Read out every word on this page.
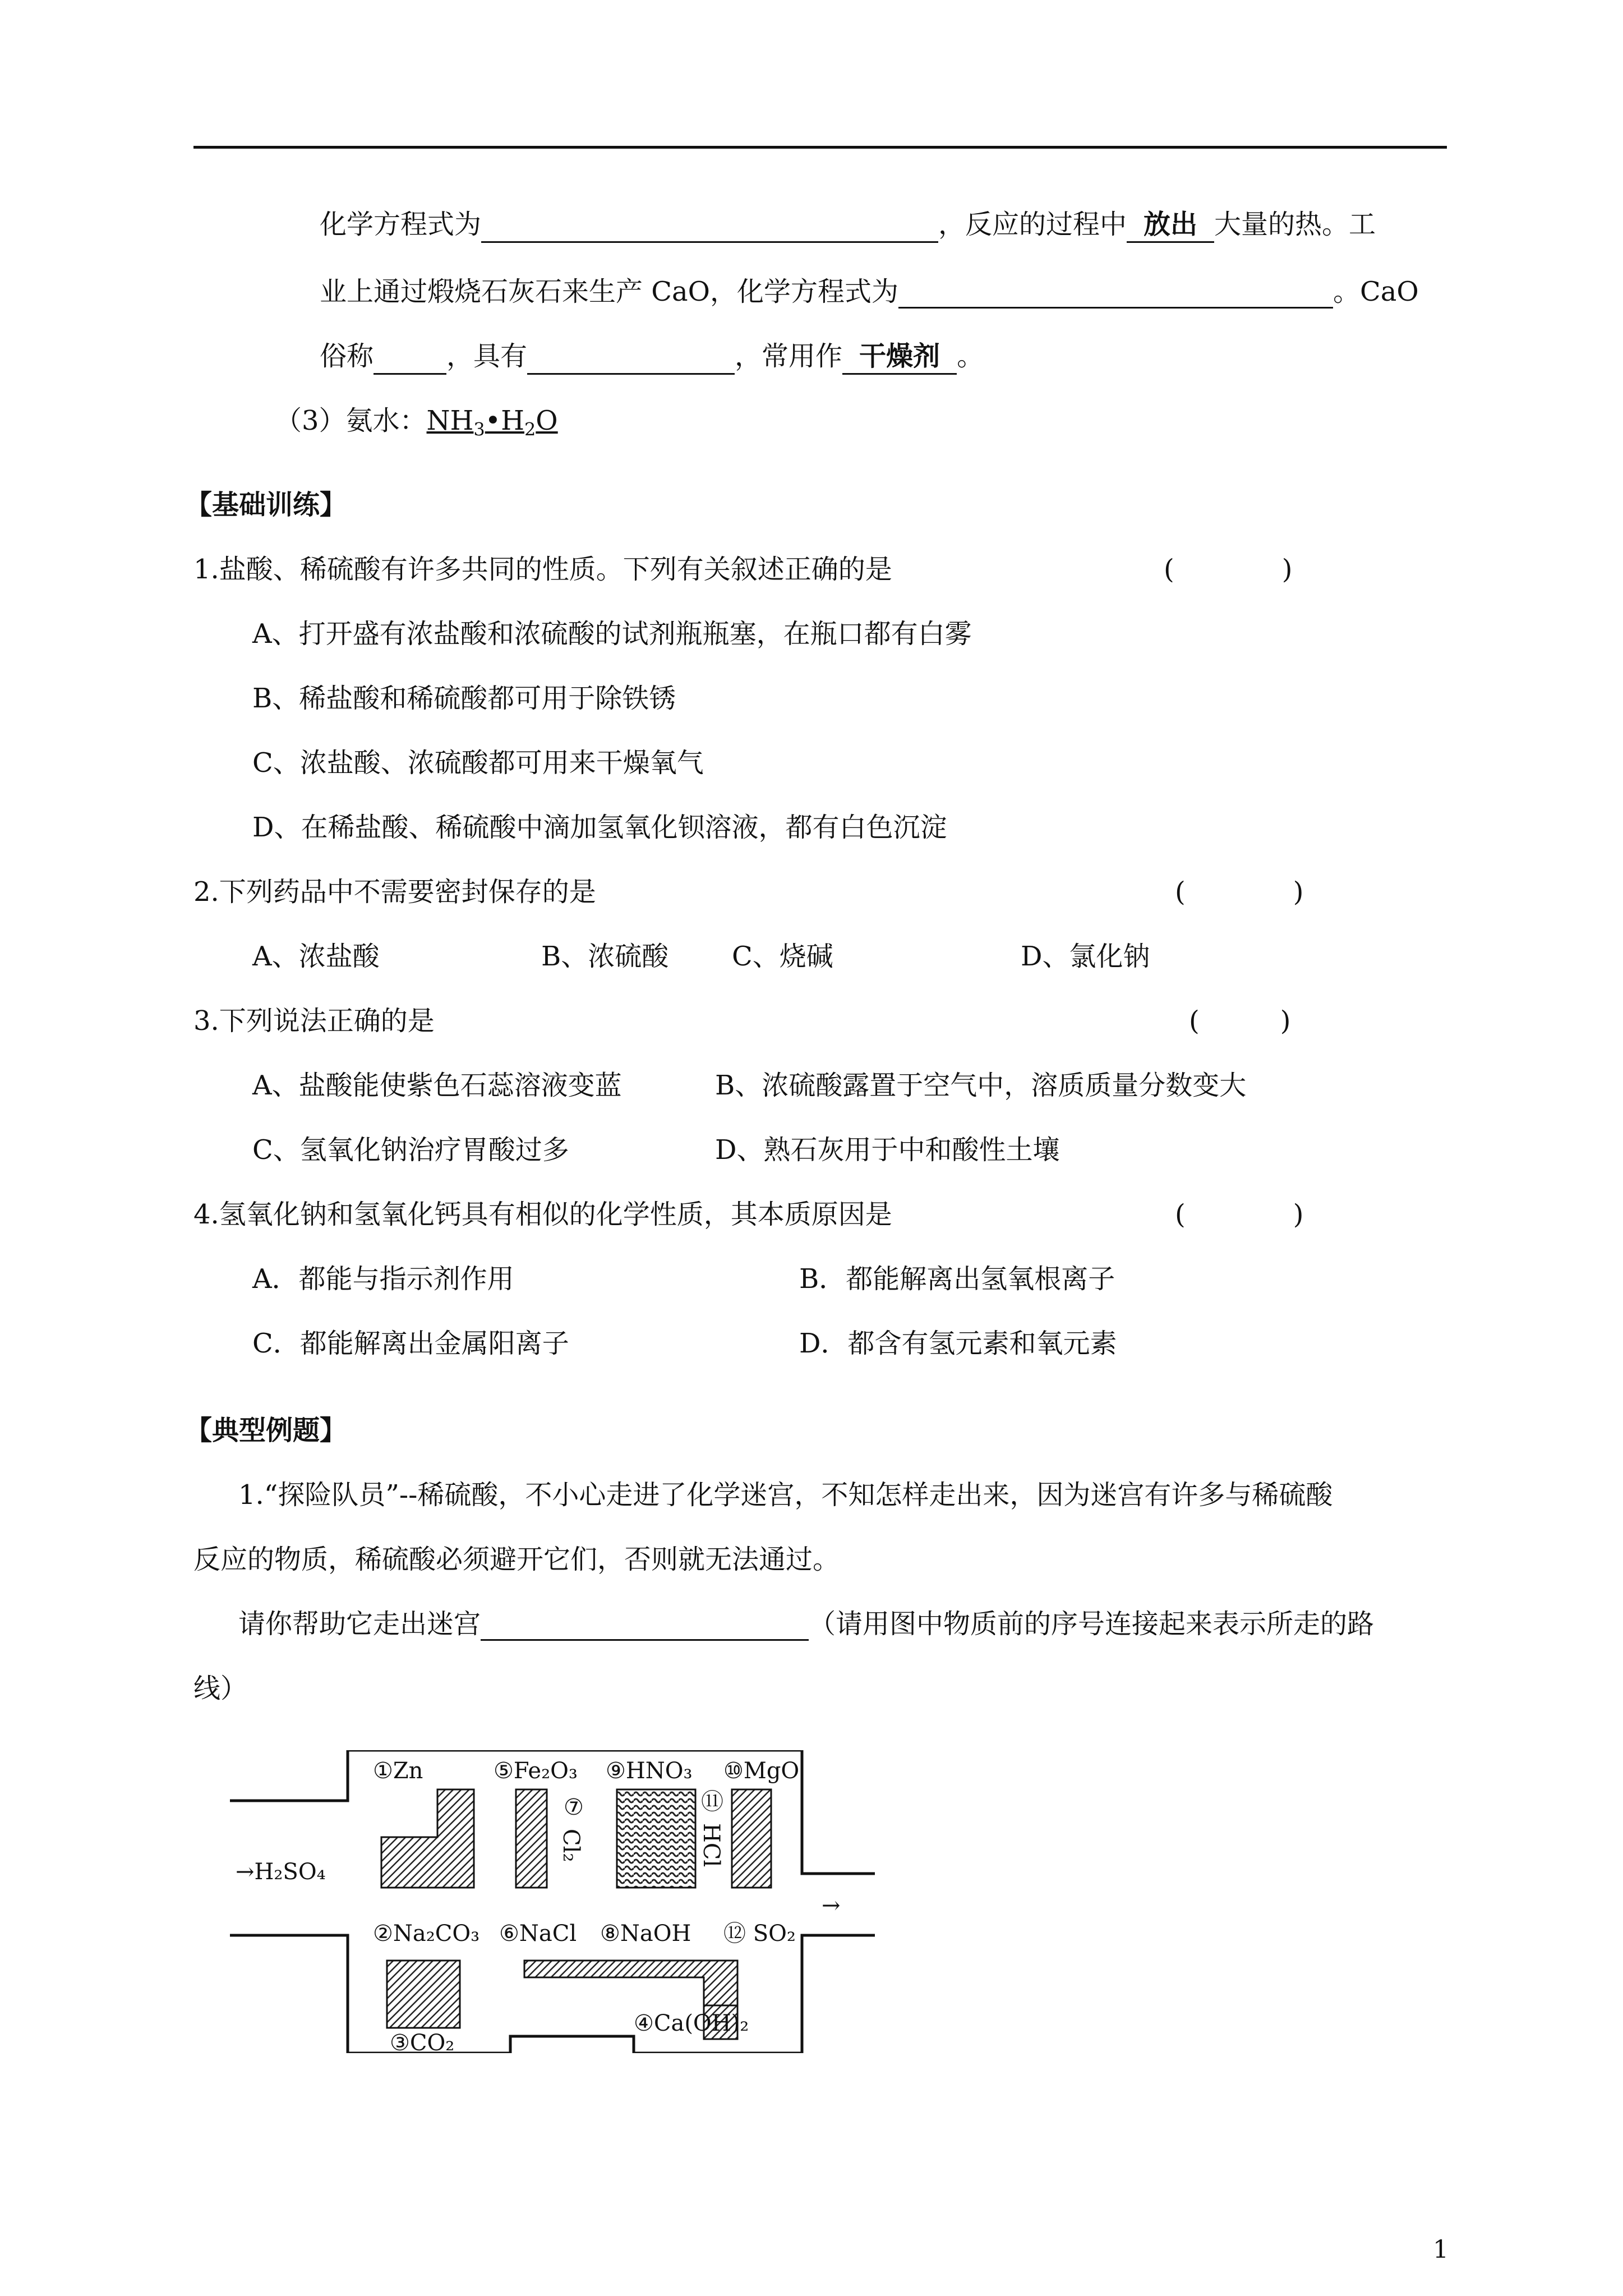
化学方程式为	，反应的过程中 放出 大量的热。工
业上通过煅烧石灰石来生产 CaO，化学方程式为	。CaO
俗称	，具有	，常用作 干燥剂 。
（3）氨水：$NH_3•H_2O$
【基础训练】
1.盐酸、稀硫酸有许多共同的性质。下列有关叙述正确的是	(　　　　)
A、打开盛有浓盐酸和浓硫酸的试剂瓶瓶塞，在瓶口都有白雾
B、稀盐酸和稀硫酸都可用于除铁锈
C、浓盐酸、浓硫酸都可用来干燥氧气
D、在稀盐酸、稀硫酸中滴加氢氧化钡溶液，都有白色沉淀
2.下列药品中不需要密封保存的是	(　　　　)
A、浓盐酸	B、浓硫酸 C、烧碱	D、氯化钠
3.下列说法正确的是	(　　　)
A、盐酸能使紫色石蕊溶液变蓝	B、浓硫酸露置于空气中，溶质质量分数变大
C、氢氧化钠治疗胃酸过多	D、熟石灰用于中和酸性土壤
4.氢氧化钠和氢氧化钙具有相似的化学性质，其本质原因是	(　　　　)
A．都能与指示剂作用	B．都能解离出氢氧根离子
C．都能解离出金属阳离子	D．都含有氢元素和氧元素
【典型例题】
1.“探险队员”--稀硫酸，不小心走进了化学迷宫，不知怎样走出来，因为迷宫有许多与稀硫酸
反应的物质，稀硫酸必须避开它们，否则就无法通过。
请你帮助它走出迷宫	（请用图中物质前的序号连接起来表示所走的路
线）
→H₂SO₄
→
①Zn	⑤Fe₂O₃ ⑨HNO₃ ⑩MgO
⑦
Cl₂
⑪
HCl
②Na₂CO₃ ⑥NaCl ⑧NaOH ⑫ SO₂
③CO₂
④Ca(OH)₂
1
